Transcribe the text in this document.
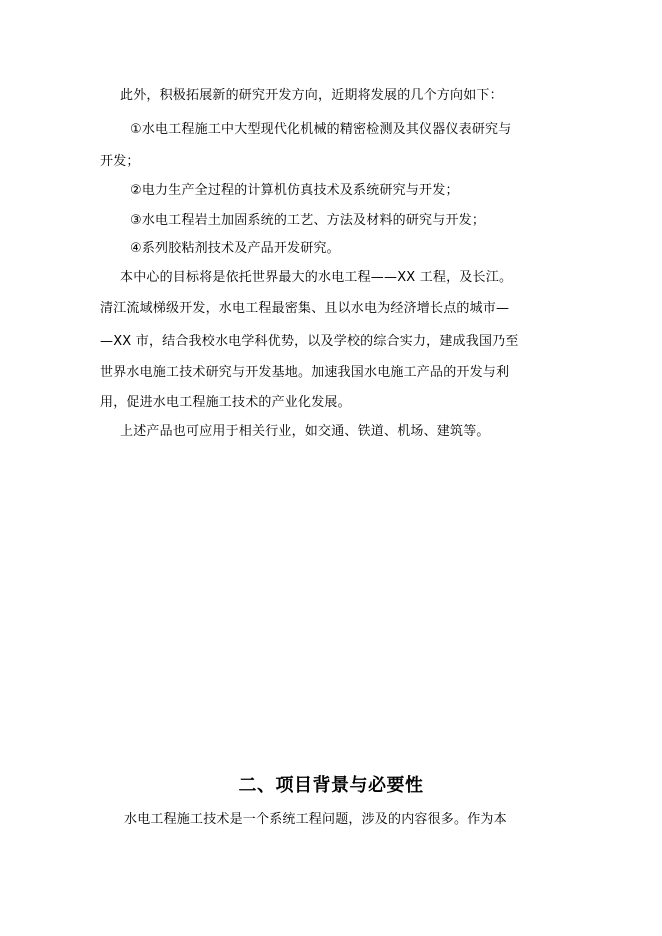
此外，积极拓展新的研究开发方向，近期将发展的几个方向如下：
①水电工程施工中大型现代化机械的精密检测及其仪器仪表研究与
开发；
②电力生产全过程的计算机仿真技术及系统研究与开发；
③水电工程岩土加固系统的工艺、方法及材料的研究与开发；
④系列胶粘剂技术及产品开发研究。
本中心的目标将是依托世界最大的水电工程——XX 工程，及长江。
清江流域梯级开发，水电工程最密集、且以水电为经济增长点的城市—
—XX 市，结合我校水电学科优势，以及学校的综合实力，建成我国乃至
世界水电施工技术研究与开发基地。加速我国水电施工产品的开发与利
用，促进水电工程施工技术的产业化发展。
上述产品也可应用于相关行业，如交通、铁道、机场、建筑等。
二、项目背景与必要性
水电工程施工技术是一个系统工程问题，涉及的内容很多。作为本
